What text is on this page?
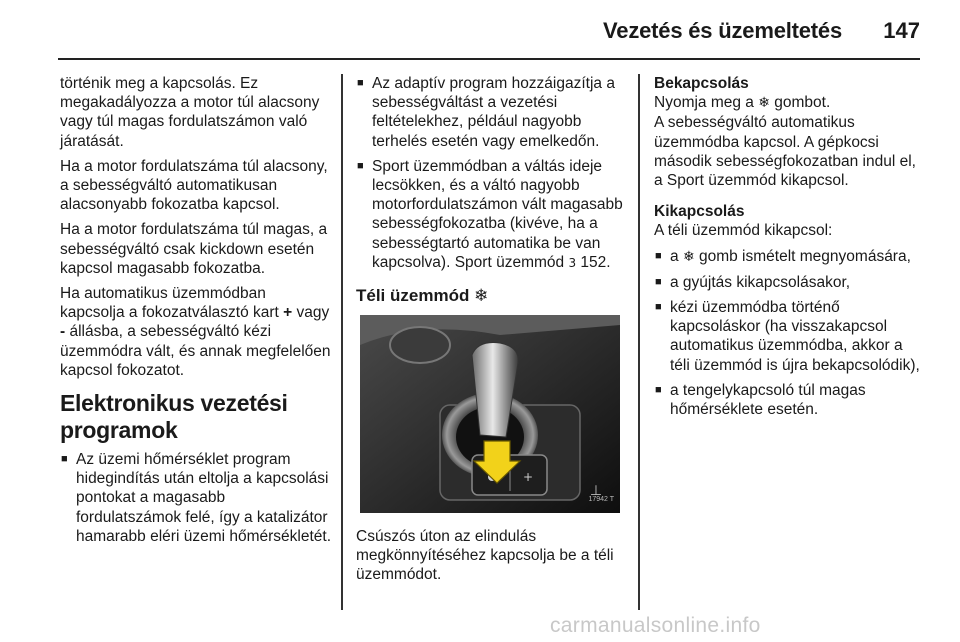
Vezetés és üzemeltetés 147

történik meg a kapcsolás. Ez megakadályozza a motor túl alacsony vagy túl magas fordulatszámon való járatását.

Ha a motor fordulatszáma túl alacsony, a sebességváltó automatikusan alacsonyabb fokozatba kapcsol.

Ha a motor fordulatszáma túl magas, a sebességváltó csak kickdown esetén kapcsol magasabb fokozatba.

Ha automatikus üzemmódban kapcsolja a fokozatválasztó kart + vagy - állásba, a sebességváltó kézi üzemmódra vált, és annak megfelelően kapcsol fokozatot.

Elektronikus vezetési programok
■ Az üzemi hőmérséklet program hidegindítás után eltolja a kapcsolási pontokat a magasabb fordulatszámok felé, így a katalizátor hamarabb eléri üzemi hőmérsékletét.
■ Az adaptív program hozzáigazítja a sebességváltást a vezetési feltételekhez, például nagyobb terhelés esetén vagy emelkedőn.
■ Sport üzemmódban a váltás ideje lecsökken, és a váltó nagyobb motorfordulatszámon vált magasabb sebességfokozatba (kivéve, ha a sebességtartó automatika be van kapcsolva). Sport üzemmód 3 152.
Téli üzemmód ❄
+
⊥
17942 T

Csúszós úton az elindulás megkönnyítéséhez kapcsolja be a téli üzemmódot.

Bekapcsolás
Nyomja meg a ❄ gombot.

A sebességváltó automatikus üzemmódba kapcsol. A gépkocsi második sebességfokozatban indul el, a Sport üzemmód kikapcsol.

Kikapcsolás
A téli üzemmód kikapcsol:
■ a ❄ gomb ismételt megnyomására,
■ a gyújtás kikapcsolásakor,
■ kézi üzemmódba történő kapcsoláskor (ha visszakapcsol automatikus üzemmódba, akkor a téli üzemmód is újra bekapcsolódik),
■ a tengelykapcsoló túl magas hőmérséklete esetén.
carmanualsonline.info
